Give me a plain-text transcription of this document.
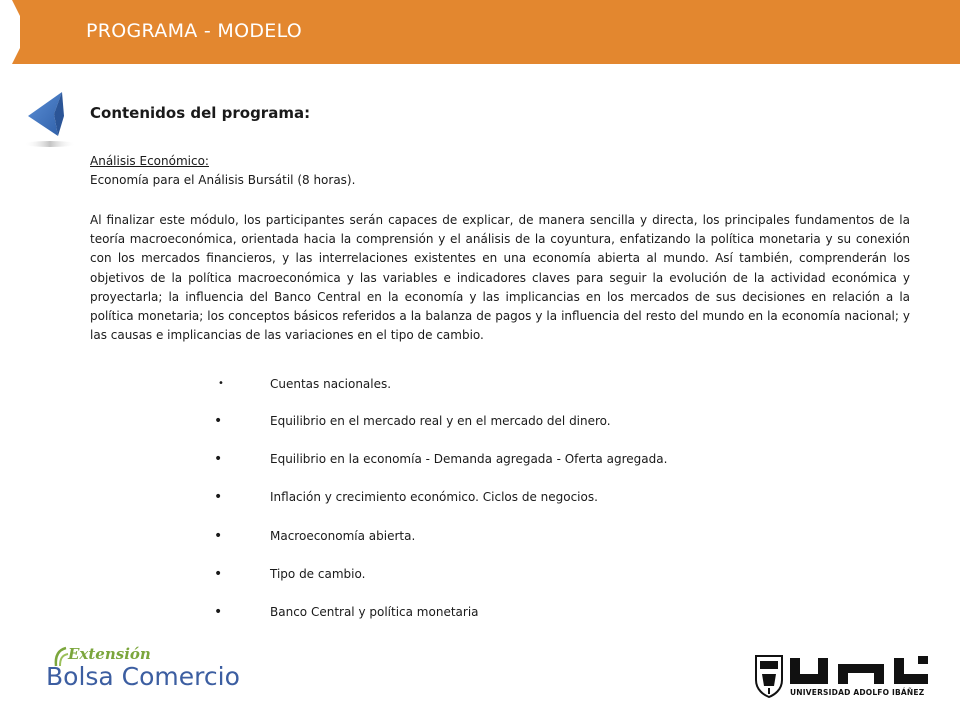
PROGRAMA - MODELO
Contenidos del programa:
Análisis Económico:
Economía para el Análisis Bursátil (8 horas).

Al finalizar este módulo, los participantes serán capaces de explicar, de manera sencilla y directa, los principales fundamentos de la teoría macroeconómica, orientada hacia la comprensión y el análisis de la coyuntura, enfatizando la política monetaria y su conexión con los mercados financieros, y las interrelaciones existentes en una economía abierta al mundo. Así también, comprenderán los objetivos de la política macroeconómica y las variables e indicadores claves para seguir la evolución de la actividad económica y proyectarla; la influencia del Banco Central en la economía y las implicancias en los mercados de sus decisiones en relación a la política monetaria; los conceptos básicos referidos a la balanza de pagos y la influencia del resto del mundo en la economía nacional; y las causas e implicancias de las variaciones en el tipo de cambio.

•	Cuentas nacionales.
•	Equilibrio en el mercado real y en el mercado del dinero.
•	Equilibrio en la economía - Demanda agregada - Oferta agregada.
•	Inflación y crecimiento económico. Ciclos de negocios.
•	Macroeconomía abierta.
•	Tipo de cambio.
•	Banco Central y política monetaria
Extensión
Bolsa Comercio
UNIVERSIDAD ADOLFO IBÁÑEZ
